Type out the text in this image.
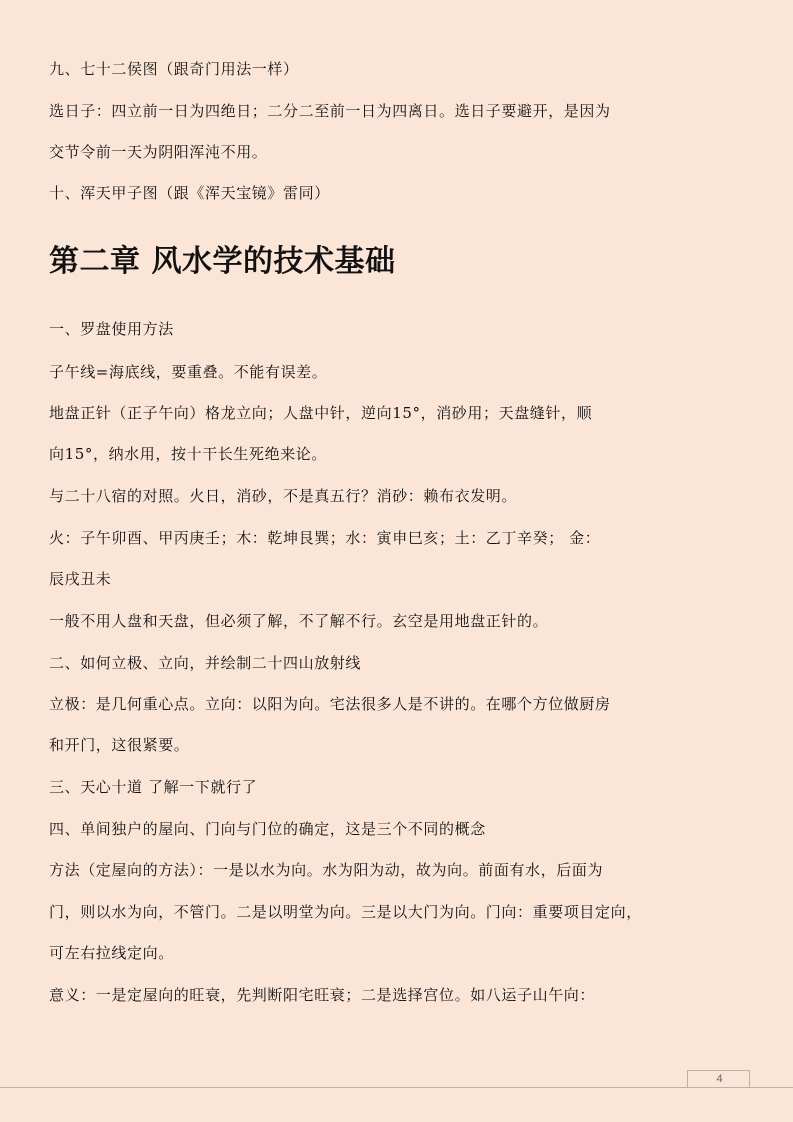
九、七十二侯图（跟奇门用法一样）
选日子：四立前一日为四绝日；二分二至前一日为四离日。选日子要避开，是因为
交节令前一天为阴阳浑沌不用。
十、浑天甲子图（跟《浑天宝镜》雷同）
第二章 风水学的技术基础
一、罗盘使用方法
子午线=海底线，要重叠。不能有误差。
地盘正针（正子午向）格龙立向；人盘中针，逆向15°，消砂用；天盘缝针，顺
向15°，纳水用，按十干长生死绝来论。
与二十八宿的对照。火日，消砂，不是真五行？消砂：赖布衣发明。
火：子午卯酉、甲丙庚壬；木：乾坤艮巽；水：寅申巳亥；土：乙丁辛癸； 金：
辰戌丑未
一般不用人盘和天盘，但必须了解，不了解不行。玄空是用地盘正针的。
二、如何立极、立向，并绘制二十四山放射线
立极：是几何重心点。立向：以阳为向。宅法很多人是不讲的。在哪个方位做厨房
和开门，这很紧要。
三、天心十道 了解一下就行了
四、单间独户的屋向、门向与门位的确定，这是三个不同的概念
方法（定屋向的方法）：一是以水为向。水为阳为动，故为向。前面有水，后面为
门，则以水为向，不管门。二是以明堂为向。三是以大门为向。门向：重要项目定向，
可左右拉线定向。
意义：一是定屋向的旺衰，先判断阳宅旺衰；二是选择宫位。如八运子山午向：
4
